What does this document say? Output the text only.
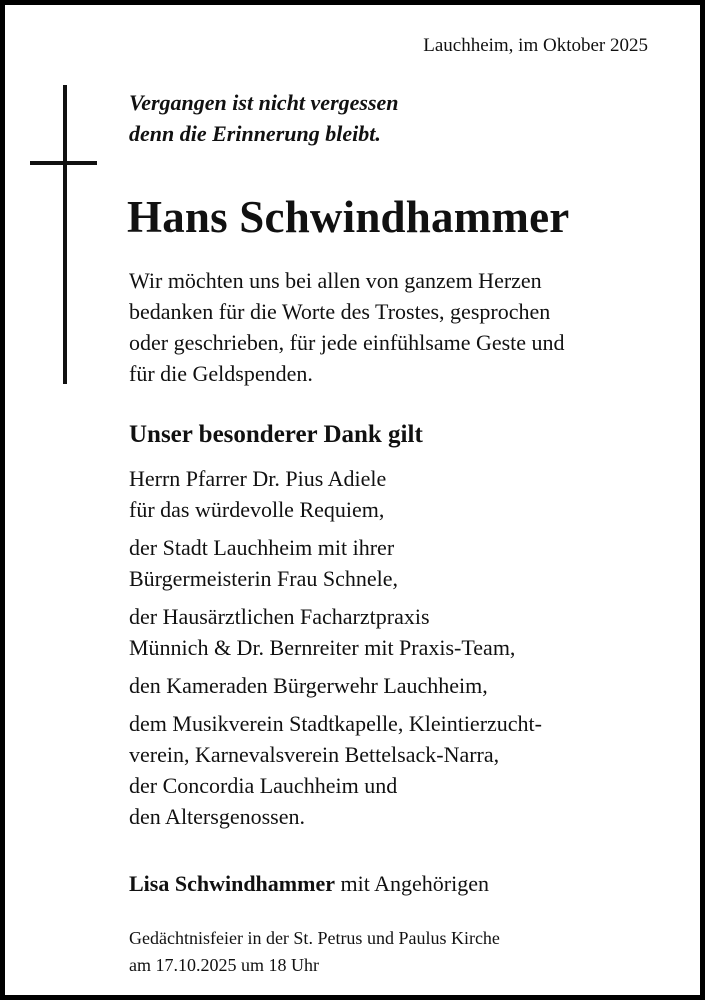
Lauchheim, im Oktober 2025
Vergangen ist nicht vergessen
denn die Erinnerung bleibt.
Hans Schwindhammer
Wir möchten uns bei allen von ganzem Herzen
bedanken für die Worte des Trostes, gesprochen
oder geschrieben, für jede einfühlsame Geste und
für die Geldspenden.
Unser besonderer Dank gilt
Herrn Pfarrer Dr. Pius Adiele
für das würdevolle Requiem,
der Stadt Lauchheim mit ihrer
Bürgermeisterin Frau Schnele,
der Hausärztlichen Facharztpraxis
Münnich & Dr. Bernreiter mit Praxis-Team,
den Kameraden Bürgerwehr Lauchheim,
dem Musikverein Stadtkapelle, Kleintierzucht-
verein, Karnevalsverein Bettelsack-Narra,
der Concordia Lauchheim und
den Altersgenossen.
Lisa Schwindhammer mit Angehörigen
Gedächtnisfeier in der St. Petrus und Paulus Kirche
am 17.10.2025 um 18 Uhr
